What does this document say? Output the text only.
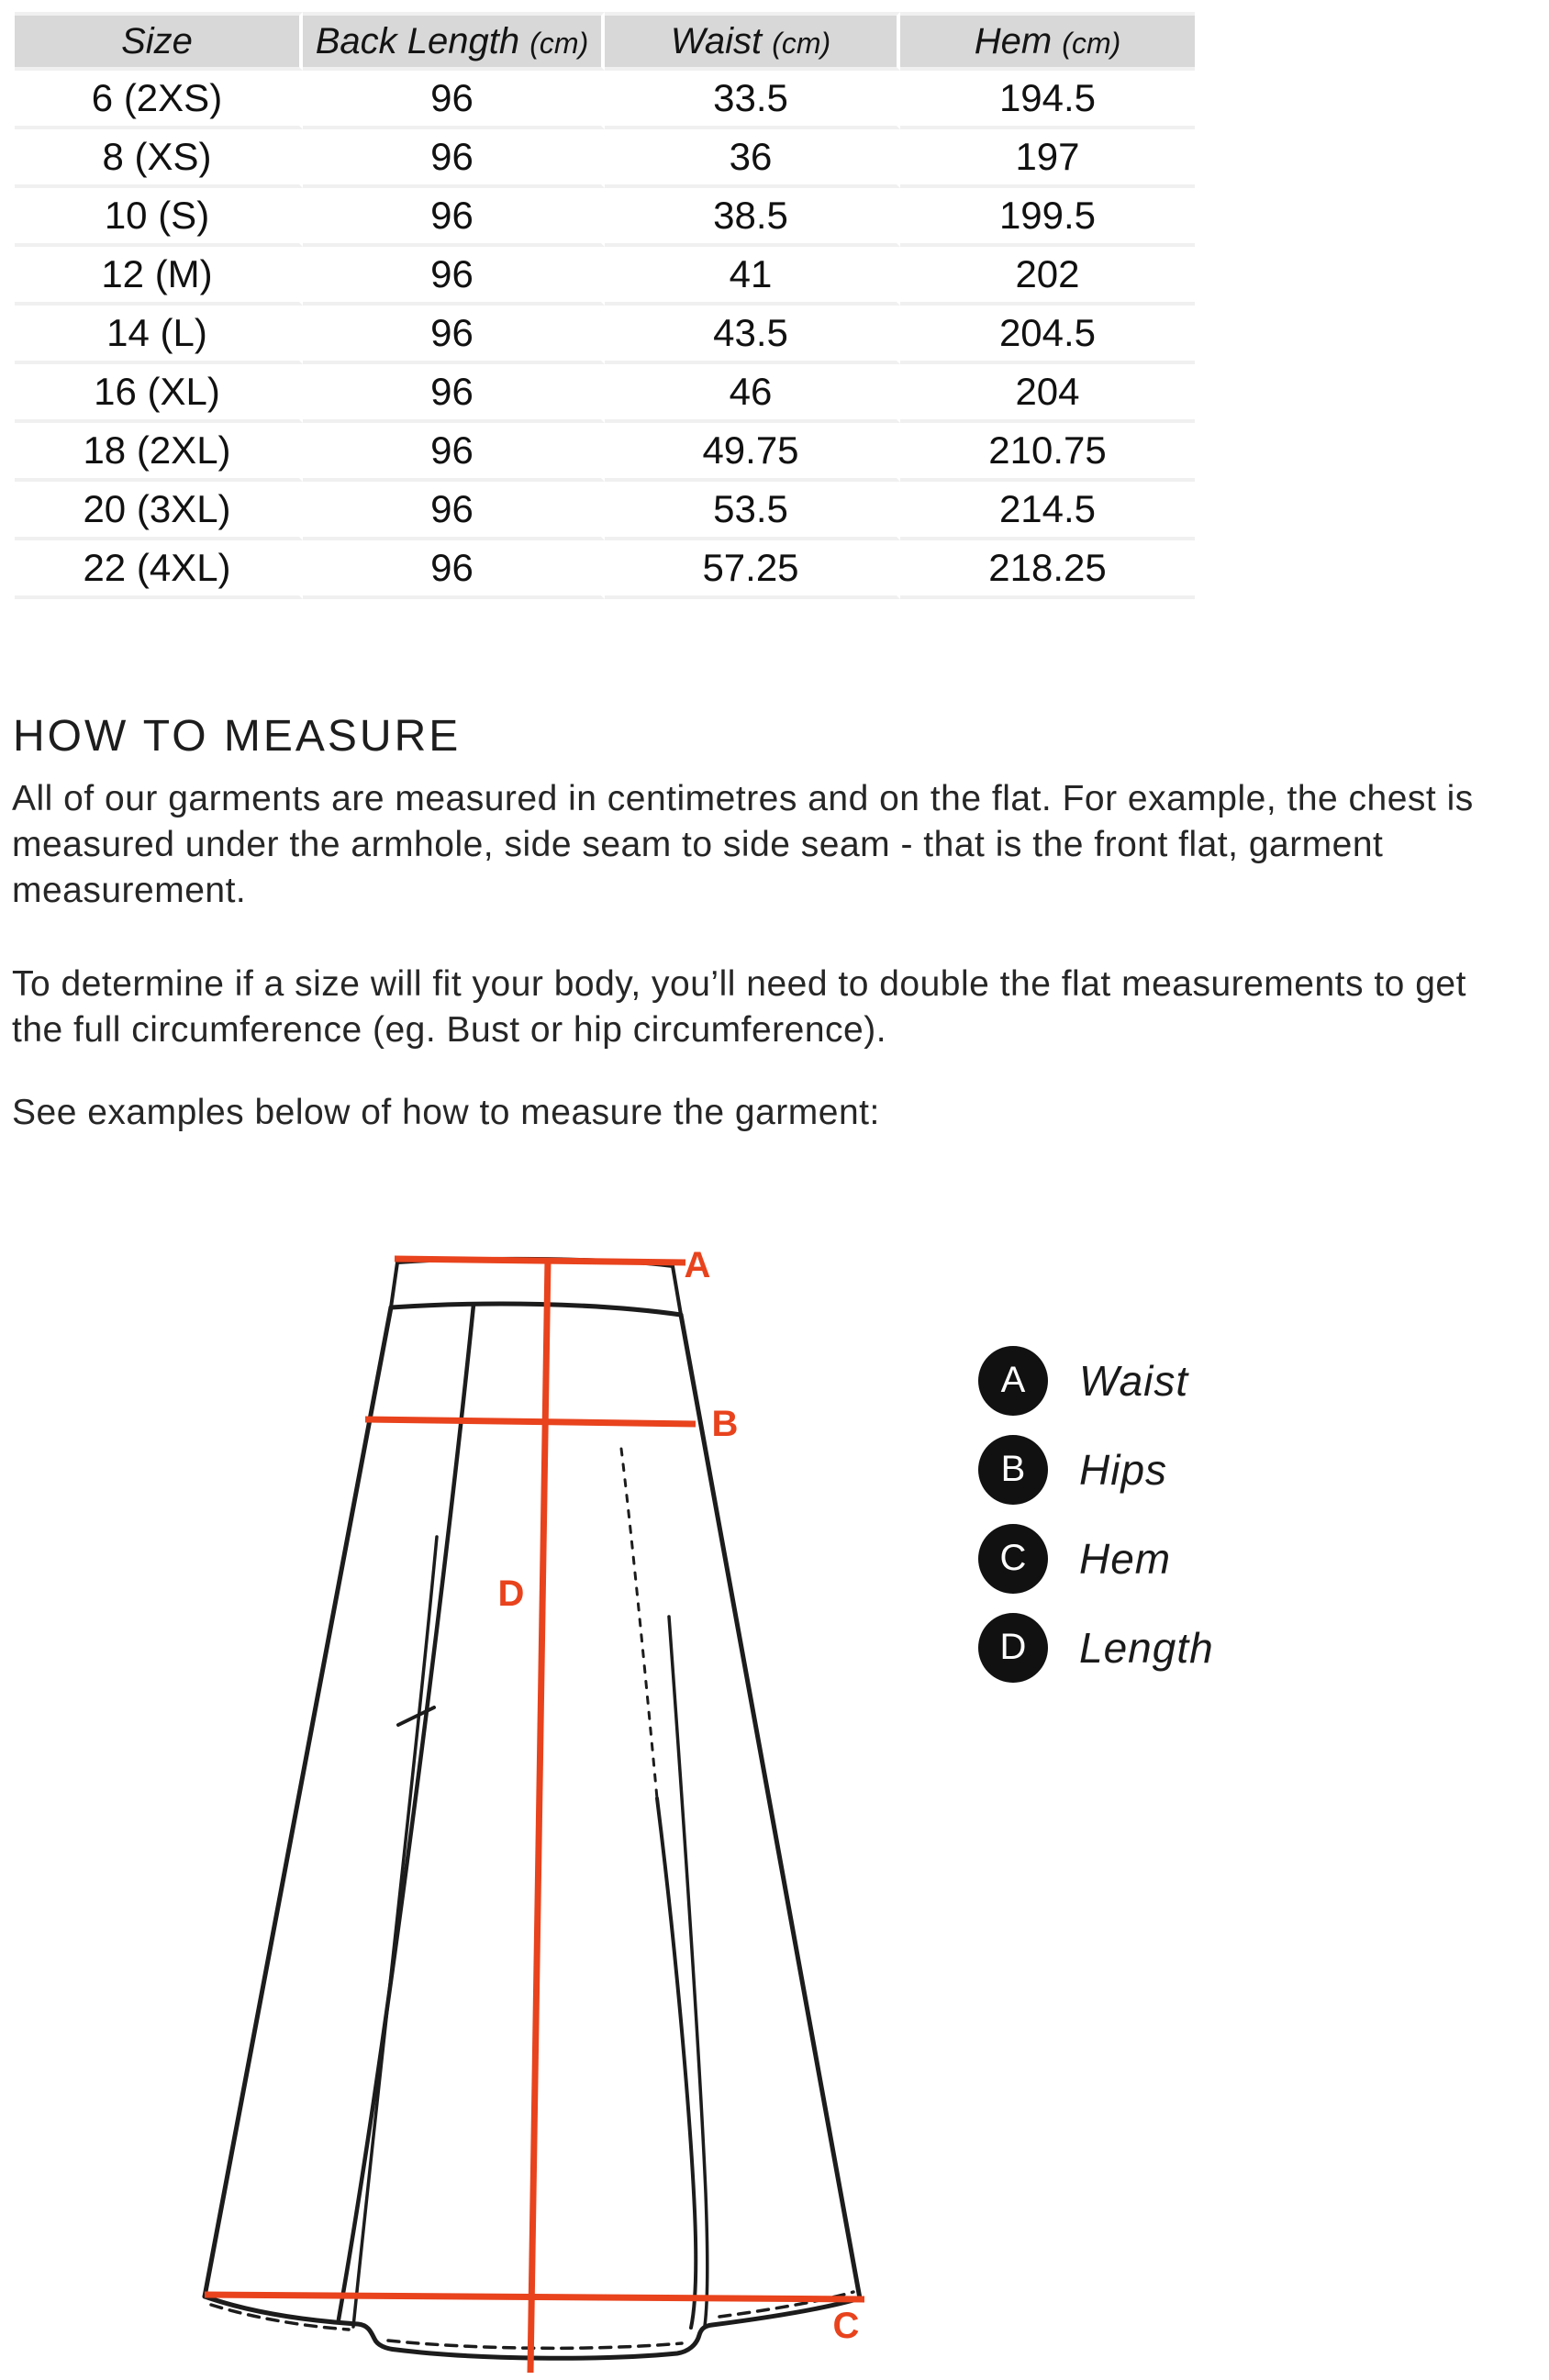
Size	Back Length (cm)	Waist (cm)	Hem (cm)
6 (2XS)	96	33.5	194.5
8 (XS)	96	36	197
10 (S)	96	38.5	199.5
12 (M)	96	41	202
14 (L)	96	43.5	204.5
16 (XL)	96	46	204
18 (2XL)	96	49.75	210.75
20 (3XL)	96	53.5	214.5
22 (4XL)	96	57.25	218.25
HOW TO MEASURE

All of our garments are measured in centimetres and on the flat. For example, the chest is measured under the armhole, side seam to side seam - that is the front flat, garment measurement.

To determine if a size will fit your body, you’ll need to double the flat measurements to get the full circumference (eg. Bust or hip circumference).

See examples below of how to measure the garment:

A
B
C
D
A	Waist
B	Hips
C	Hem
D	Length
